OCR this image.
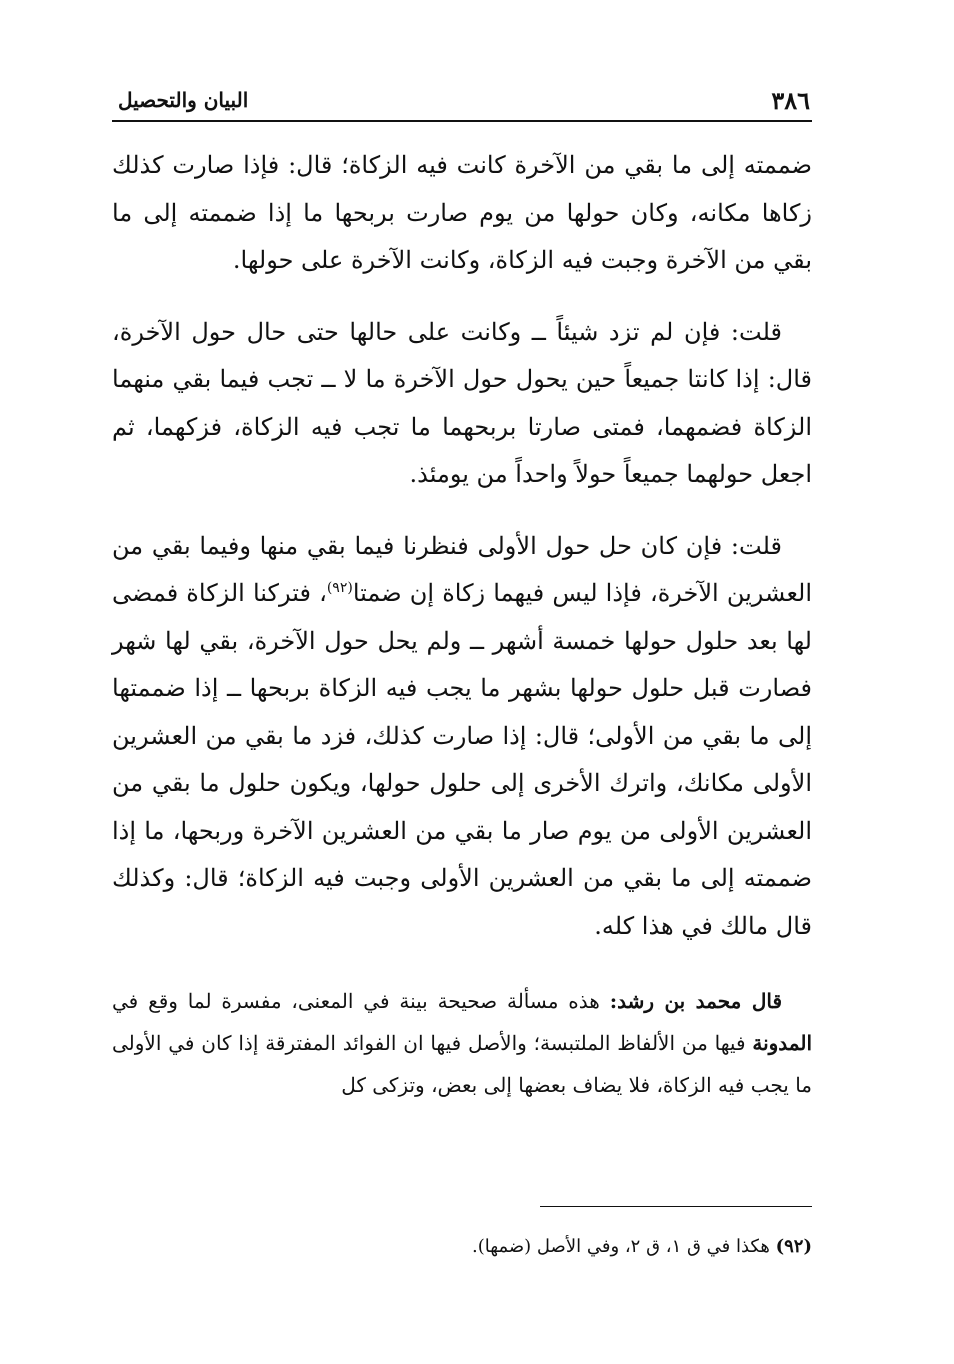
٣٨٦
البيان والتحصيل

ضممته إلى ما بقي من الآخرة كانت فيه الزكاة؛ قال: فإذا صارت كذلك زكاها مكانه، وكان حولها من يوم صارت بربحها ما إذا ضممته إلى ما بقي من الآخرة وجبت فيه الزكاة، وكانت الآخرة على حولها.

قلت: فإن لم تزد شيئاً ــ وكانت على حالها حتى حال حول الآخرة، قال: إذا كانتا جميعاً حين يحول حول الآخرة ما لا ــ تجب فيما بقي منهما الزكاة فضمهما، فمتى صارتا بربحهما ما تجب فيه الزكاة، فزكهما، ثم اجعل حولهما جميعاً حولاً واحداً من يومئذ.

قلت: فإن كان حل حول الأولى فنظرنا فيما بقي منها وفيما بقي من العشرين الآخرة، فإذا ليس فيهما زكاة إن ضمتا$^{(٩٢)}$، فتركنا الزكاة فمضى لها بعد حلول حولها خمسة أشهر ــ ولم يحل حول الآخرة، بقي لها شهر فصارت قبل حلول حولها بشهر ما يجب فيه الزكاة بربحها ــ إذا ضممتها إلى ما بقي من الأولى؛ قال: إذا صارت كذلك، فزد ما بقي من العشرين الأولى مكانك، واترك الأخرى إلى حلول حولها، ويكون حلول ما بقي من العشرين الأولى من يوم صار ما بقي من العشرين الآخرة وربحها، ما إذا ضممته إلى ما بقي من العشرين الأولى وجبت فيه الزكاة؛ قال: وكذلك قال مالك في هذا كله.

قال محمد بن رشد: هذه مسألة صحيحة بينة في المعنى، مفسرة لما وقع في المدونة فيها من الألفاظ الملتبسة؛ والأصل فيها ان الفوائد المفترقة إذا كان في الأولى ما يجب فيه الزكاة، فلا يضاف بعضها إلى بعض، وتزكى كل

(٩٢) هكذا في ق ١، ق ٢، وفي الأصل (ضمها).
